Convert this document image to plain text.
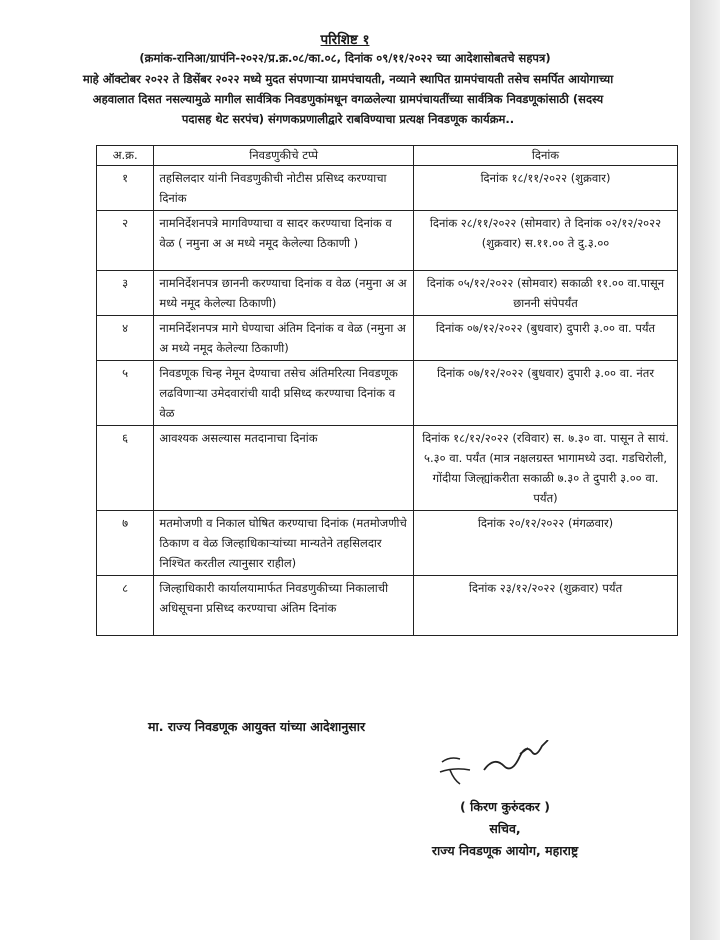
परिशिष्ट १
(क्रमांक-रानिआ/ग्रापंनि-२०२२/प्र.क्र.०८/का.०८, दिनांक ०९/११/२०२२ च्या आदेशासोबतचे सहपत्र)
माहे ऑक्टोबर २०२२ ते डिसेंबर २०२२ मध्ये मुदत संपणाऱ्या ग्रामपंचायती, नव्याने स्थापित ग्रामपंचायती तसेच समर्पित आयोगाच्या अहवालात दिसत नसल्यामुळे मागील सार्वत्रिक निवडणुकांमधून वगळलेल्या ग्रामपंचायतींच्या सार्वत्रिक निवडणूकांसाठी (सदस्य पदासह थेट सरपंच) संगणकप्रणालीद्वारे राबविण्याचा प्रत्यक्ष निवडणूक कार्यक्रम..
अ.क्र.	निवडणुकीचे टप्पे	दिनांक
१	तहसिलदार यांनी निवडणुकीची नोटीस प्रसिध्द करण्याचा दिनांक	दिनांक १८/११/२०२२ (शुक्रवार)
२	नामनिर्देशनपत्रे मागविण्याचा व सादर करण्याचा दिनांक व वेळ ( नमुना अ अ मध्ये नमूद केलेल्या ठिकाणी )	दिनांक २८/११/२०२२ (सोमवार) ते दिनांक ०२/१२/२०२२ (शुक्रवार) स.११.०० ते दु.३.००
३	नामनिर्देशनपत्र छाननी करण्याचा दिनांक व वेळ (नमुना अ अ मध्ये नमूद केलेल्या ठिकाणी)	दिनांक ०५/१२/२०२२ (सोमवार) सकाळी ११.०० वा.पासून छाननी संपेपर्यंत
४	नामनिर्देशनपत्र मागे घेण्याचा अंतिम दिनांक व वेळ (नमुना अ अ मध्ये नमूद केलेल्या ठिकाणी)	दिनांक ०७/१२/२०२२ (बुधवार) दुपारी ३.०० वा. पर्यंत
५	निवडणूक चिन्ह नेमून देण्याचा तसेच अंतिमरित्या निवडणूक लढविणाऱ्या उमेदवारांची यादी प्रसिध्द करण्याचा दिनांक व वेळ	दिनांक ०७/१२/२०२२ (बुधवार) दुपारी ३.०० वा. नंतर
६	आवश्यक असल्यास मतदानाचा दिनांक	दिनांक १८/१२/२०२२ (रविवार) स. ७.३० वा. पासून ते सायं. ५.३० वा. पर्यंत (मात्र नक्षलग्रस्त भागामध्ये उदा. गडचिरोली, गोंदीया जिल्ह्यांकरीता सकाळी ७.३० ते दुपारी ३.०० वा. पर्यंत)
७	मतमोजणी व निकाल घोषित करण्याचा दिनांक (मतमोजणीचे ठिकाण व वेळ जिल्हाधिकाऱ्यांच्या मान्यतेने तहसिलदार निश्चित करतील त्यानुसार राहील)	दिनांक २०/१२/२०२२ (मंगळवार)
८	जिल्हाधिकारी कार्यालयामार्फत निवडणुकीच्या निकालाची अधिसूचना प्रसिध्द करण्याचा अंतिम दिनांक	दिनांक २३/१२/२०२२ (शुक्रवार) पर्यंत
मा. राज्य निवडणूक आयुक्त यांच्या आदेशानुसार
( किरण कुरुंदकर )
सचिव,
राज्य निवडणूक आयोग, महाराष्ट्र
